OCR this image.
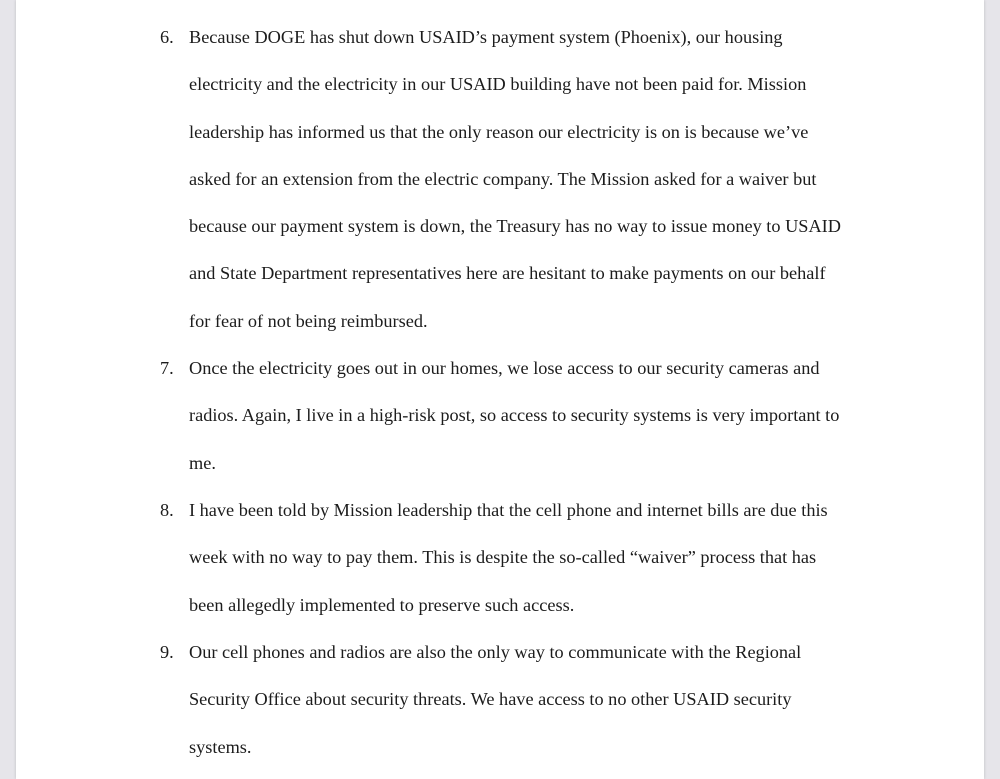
6. Because DOGE has shut down USAID’s payment system (Phoenix), our housing
electricity and the electricity in our USAID building have not been paid for. Mission
leadership has informed us that the only reason our electricity is on is because we’ve
asked for an extension from the electric company. The Mission asked for a waiver but
because our payment system is down, the Treasury has no way to issue money to USAID
and State Department representatives here are hesitant to make payments on our behalf
for fear of not being reimbursed.
7. Once the electricity goes out in our homes, we lose access to our security cameras and
radios. Again, I live in a high-risk post, so access to security systems is very important to
me.
8. I have been told by Mission leadership that the cell phone and internet bills are due this
week with no way to pay them. This is despite the so-called “waiver” process that has
been allegedly implemented to preserve such access.
9. Our cell phones and radios are also the only way to communicate with the Regional
Security Office about security threats. We have access to no other USAID security
systems.
